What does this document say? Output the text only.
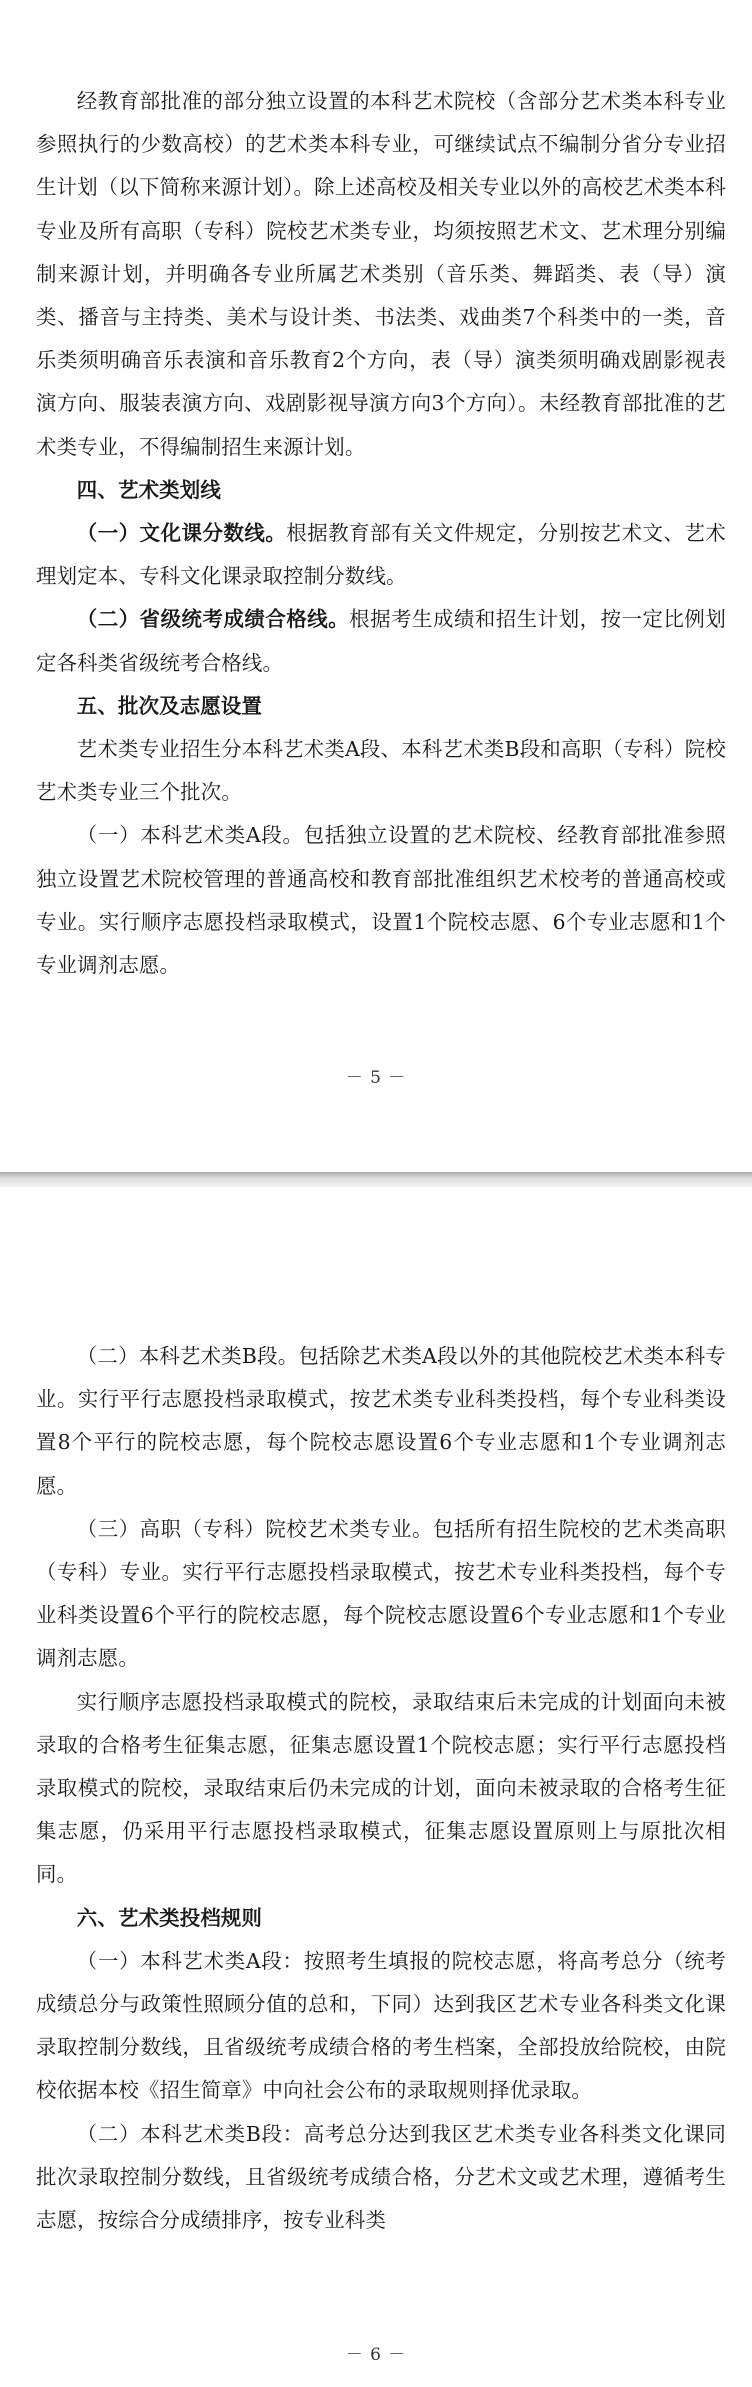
经教育部批准的部分独立设置的本科艺术院校（含部分艺术类本科专业参照执行的少数高校）的艺术类本科专业，可继续试点不编制分省分专业招生计划（以下简称来源计划）。除上述高校及相关专业以外的高校艺术类本科专业及所有高职（专科）院校艺术类专业，均须按照艺术文、艺术理分别编制来源计划，并明确各专业所属艺术类别（音乐类、舞蹈类、表（导）演类、播音与主持类、美术与设计类、书法类、戏曲类7个科类中的一类，音乐类须明确音乐表演和音乐教育2个方向，表（导）演类须明确戏剧影视表演方向、服装表演方向、戏剧影视导演方向3个方向）。未经教育部批准的艺术类专业，不得编制招生来源计划。

四、艺术类划线

（一）文化课分数线。根据教育部有关文件规定，分别按艺术文、艺术理划定本、专科文化课录取控制分数线。

（二）省级统考成绩合格线。根据考生成绩和招生计划，按一定比例划定各科类省级统考合格线。

五、批次及志愿设置

艺术类专业招生分本科艺术类A段、本科艺术类B段和高职（专科）院校艺术类专业三个批次。

（一）本科艺术类A段。包括独立设置的艺术院校、经教育部批准参照独立设置艺术院校管理的普通高校和教育部批准组织艺术校考的普通高校或专业。实行顺序志愿投档录取模式，设置1个院校志愿、6个专业志愿和1个专业调剂志愿。

－ 5 －

（二）本科艺术类B段。包括除艺术类A段以外的其他院校艺术类本科专业。实行平行志愿投档录取模式，按艺术类专业科类投档，每个专业科类设置8个平行的院校志愿，每个院校志愿设置6个专业志愿和1个专业调剂志愿。

（三）高职（专科）院校艺术类专业。包括所有招生院校的艺术类高职（专科）专业。实行平行志愿投档录取模式，按艺术专业科类投档，每个专业科类设置6个平行的院校志愿，每个院校志愿设置6个专业志愿和1个专业调剂志愿。

实行顺序志愿投档录取模式的院校，录取结束后未完成的计划面向未被录取的合格考生征集志愿，征集志愿设置1个院校志愿；实行平行志愿投档录取模式的院校，录取结束后仍未完成的计划，面向未被录取的合格考生征集志愿，仍采用平行志愿投档录取模式，征集志愿设置原则上与原批次相同。

六、艺术类投档规则

（一）本科艺术类A段：按照考生填报的院校志愿，将高考总分（统考成绩总分与政策性照顾分值的总和，下同）达到我区艺术专业各科类文化课录取控制分数线，且省级统考成绩合格的考生档案，全部投放给院校，由院校依据本校《招生简章》中向社会公布的录取规则择优录取。

（二）本科艺术类B段：高考总分达到我区艺术类专业各科类文化课同批次录取控制分数线，且省级统考成绩合格，分艺术文或艺术理，遵循考生志愿，按综合分成绩排序，按专业科类

－ 6 －
